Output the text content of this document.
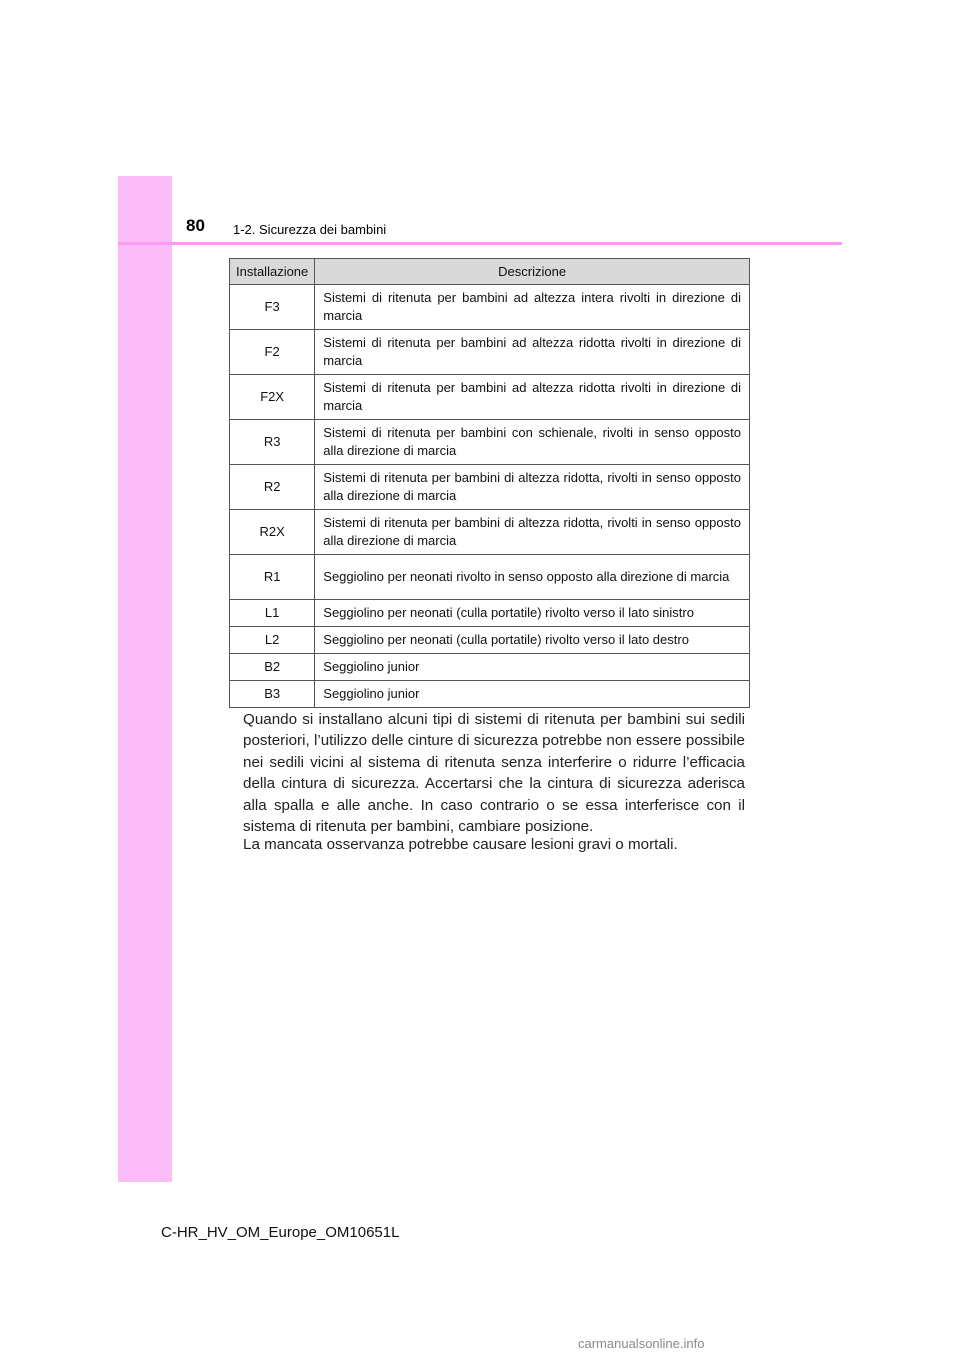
80 1-2. Sicurezza dei bambini
Installazione	Descrizione
F3	Sistemi di ritenuta per bambini ad altezza intera rivolti in direzione di marcia
F2	Sistemi di ritenuta per bambini ad altezza ridotta rivolti in direzione di marcia
F2X	Sistemi di ritenuta per bambini ad altezza ridotta rivolti in direzione di marcia
R3	Sistemi di ritenuta per bambini con schienale, rivolti in senso opposto alla direzione di marcia
R2	Sistemi di ritenuta per bambini di altezza ridotta, rivolti in senso opposto alla direzione di marcia
R2X	Sistemi di ritenuta per bambini di altezza ridotta, rivolti in senso opposto alla direzione di marcia
R1	Seggiolino per neonati rivolto in senso opposto alla direzione di marcia
L1	Seggiolino per neonati (culla portatile) rivolto verso il lato sinistro
L2	Seggiolino per neonati (culla portatile) rivolto verso il lato destro
B2	Seggiolino junior
B3	Seggiolino junior

Quando si installano alcuni tipi di sistemi di ritenuta per bambini sui sedili posteriori, l’utilizzo delle cinture di sicurezza potrebbe non essere possibile nei sedili vicini al sistema di ritenuta senza interferire o ridurre l’efficacia della cintura di sicurezza. Accertarsi che la cintura di sicurezza aderisca alla spalla e alle anche. In caso contrario o se essa interferisce con il sistema di ritenuta per bambini, cambiare posizione.

La mancata osservanza potrebbe causare lesioni gravi o mortali.

C-HR_HV_OM_Europe_OM10651L
carmanualsonline.info
